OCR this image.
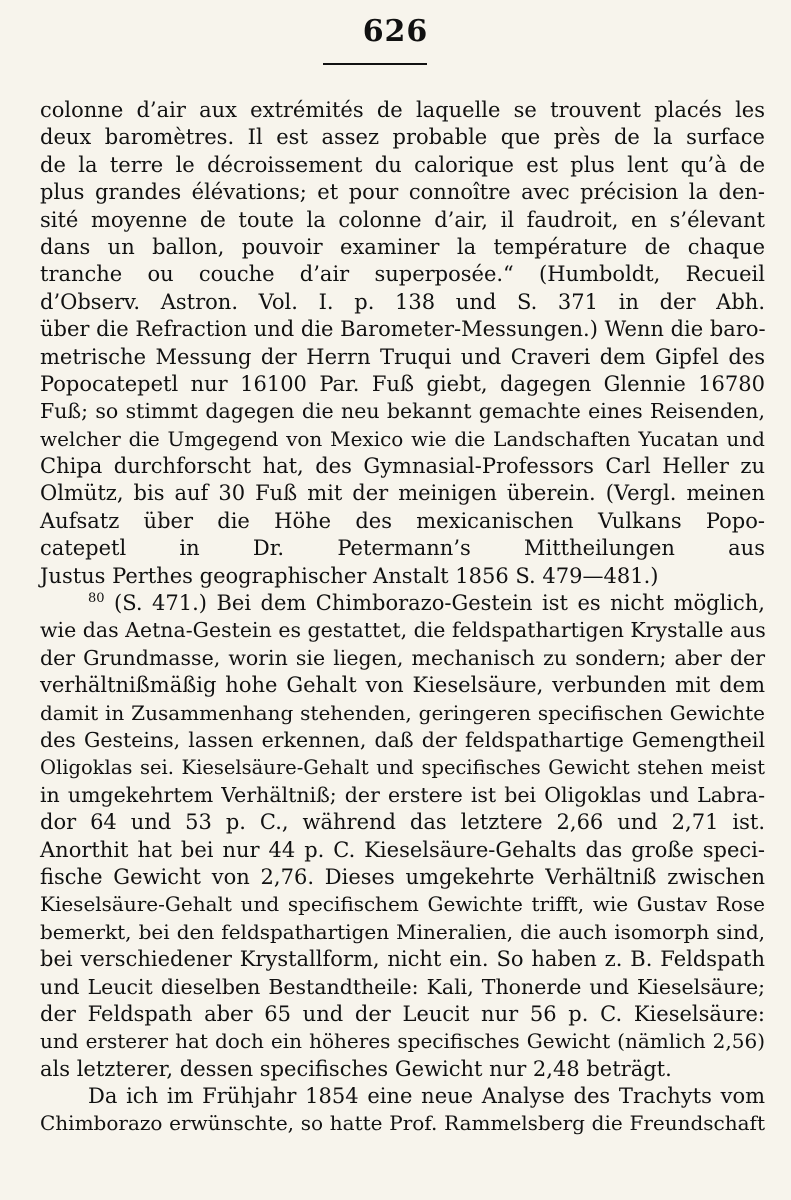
626
colonne d’air aux extrémités de laquelle se trouvent placés les
deux baromètres. Il est assez probable que près de la surface
de la terre le décroissement du calorique est plus lent qu’à de
plus grandes élévations; et pour connoître avec précision la den-
sité moyenne de toute la colonne d’air, il faudroit, en s’élevant
dans un ballon, pouvoir examiner la température de chaque
tranche ou couche d’air superposée.“ (Humboldt, Recueil
d’Observ. Astron. Vol. I. p. 138 und S. 371 in der Abh.
über die Refraction und die Barometer-Messungen.) Wenn die baro-
metrische Messung der Herrn Truqui und Craveri dem Gipfel des
Popocatepetl nur 16100 Par. Fuß giebt, dagegen Glennie 16780
Fuß; so stimmt dagegen die neu bekannt gemachte eines Reisenden,
welcher die Umgegend von Mexico wie die Landschaften Yucatan und
Chipa durchforscht hat, des Gymnasial-Professors Carl Heller zu
Olmütz, bis auf 30 Fuß mit der meinigen überein. (Vergl. meinen
Aufsatz über die Höhe des mexicanischen Vulkans Popo-
catepetl in Dr. Petermann’s Mittheilungen aus
Justus Perthes geographischer Anstalt 1856 S. 479—481.)
$^{80}$ (S. 471.) Bei dem Chimborazo-Gestein ist es nicht möglich,
wie das Aetna-Gestein es gestattet, die feldspathartigen Krystalle aus
der Grundmasse, worin sie liegen, mechanisch zu sondern; aber der
verhältnißmäßig hohe Gehalt von Kieselsäure, verbunden mit dem
damit in Zusammenhang stehenden, geringeren specifischen Gewichte
des Gesteins, lassen erkennen, daß der feldspathartige Gemengtheil
Oligoklas sei. Kieselsäure-Gehalt und specifisches Gewicht stehen meist
in umgekehrtem Verhältniß; der erstere ist bei Oligoklas und Labra-
dor 64 und 53 p. C., während das letztere 2,66 und 2,71 ist.
Anorthit hat bei nur 44 p. C. Kieselsäure-Gehalts das große speci-
fische Gewicht von 2,76. Dieses umgekehrte Verhältniß zwischen
Kieselsäure-Gehalt und specifischem Gewichte trifft, wie Gustav Rose
bemerkt, bei den feldspathartigen Mineralien, die auch isomorph sind,
bei verschiedener Krystallform, nicht ein. So haben z. B. Feldspath
und Leucit dieselben Bestandtheile: Kali, Thonerde und Kieselsäure;
der Feldspath aber 65 und der Leucit nur 56 p. C. Kieselsäure:
und ersterer hat doch ein höheres specifisches Gewicht (nämlich 2,56)
als letzterer, dessen specifisches Gewicht nur 2,48 beträgt.
Da ich im Frühjahr 1854 eine neue Analyse des Trachyts vom
Chimborazo erwünschte, so hatte Prof. Rammelsberg die Freundschaft
